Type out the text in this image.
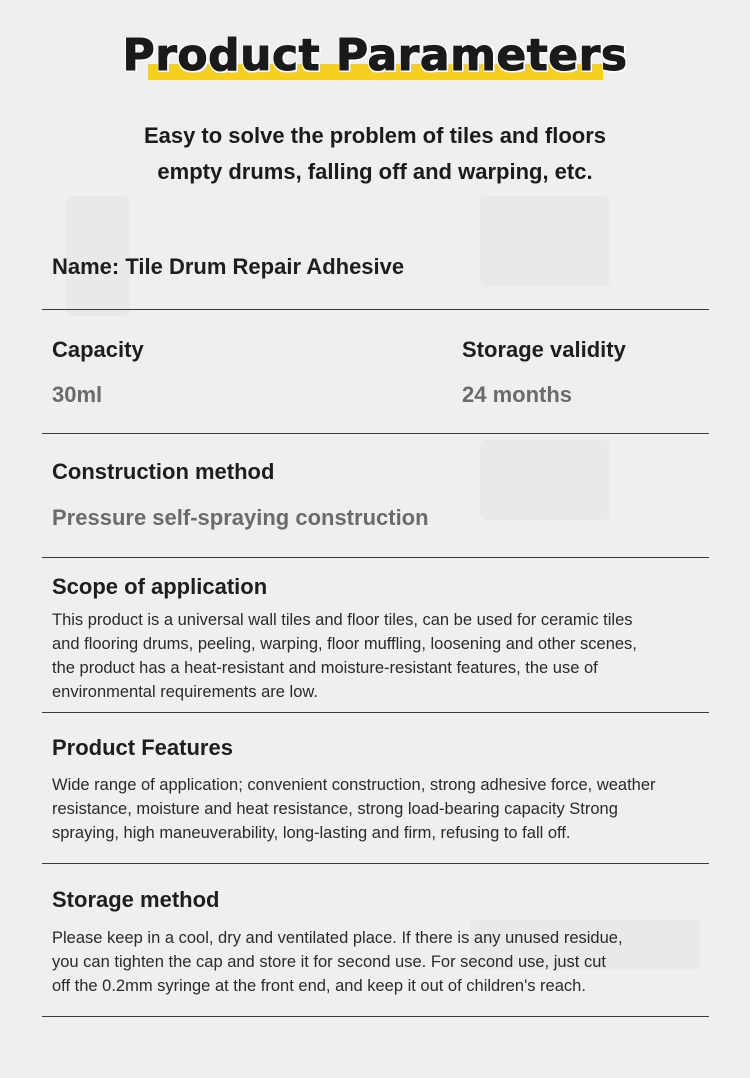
Product Parameters
Easy to solve the problem of tiles and floors
empty drums, falling off and warping, etc.
Name: Tile Drum Repair Adhesive
Capacity
30ml
Storage validity
24 months
Construction method
Pressure self-spraying construction
Scope of application
This product is a universal wall tiles and floor tiles, can be used for ceramic tiles
and flooring drums, peeling, warping, floor muffling, loosening and other scenes,
the product has a heat-resistant and moisture-resistant features, the use of
environmental requirements are low.
Product Features
Wide range of application; convenient construction, strong adhesive force, weather
resistance, moisture and heat resistance, strong load-bearing capacity Strong
spraying, high maneuverability, long-lasting and firm, refusing to fall off.
Storage method
Please keep in a cool, dry and ventilated place. If there is any unused residue,
you can tighten the cap and store it for second use. For second use, just cut
off the 0.2mm syringe at the front end, and keep it out of children's reach.
